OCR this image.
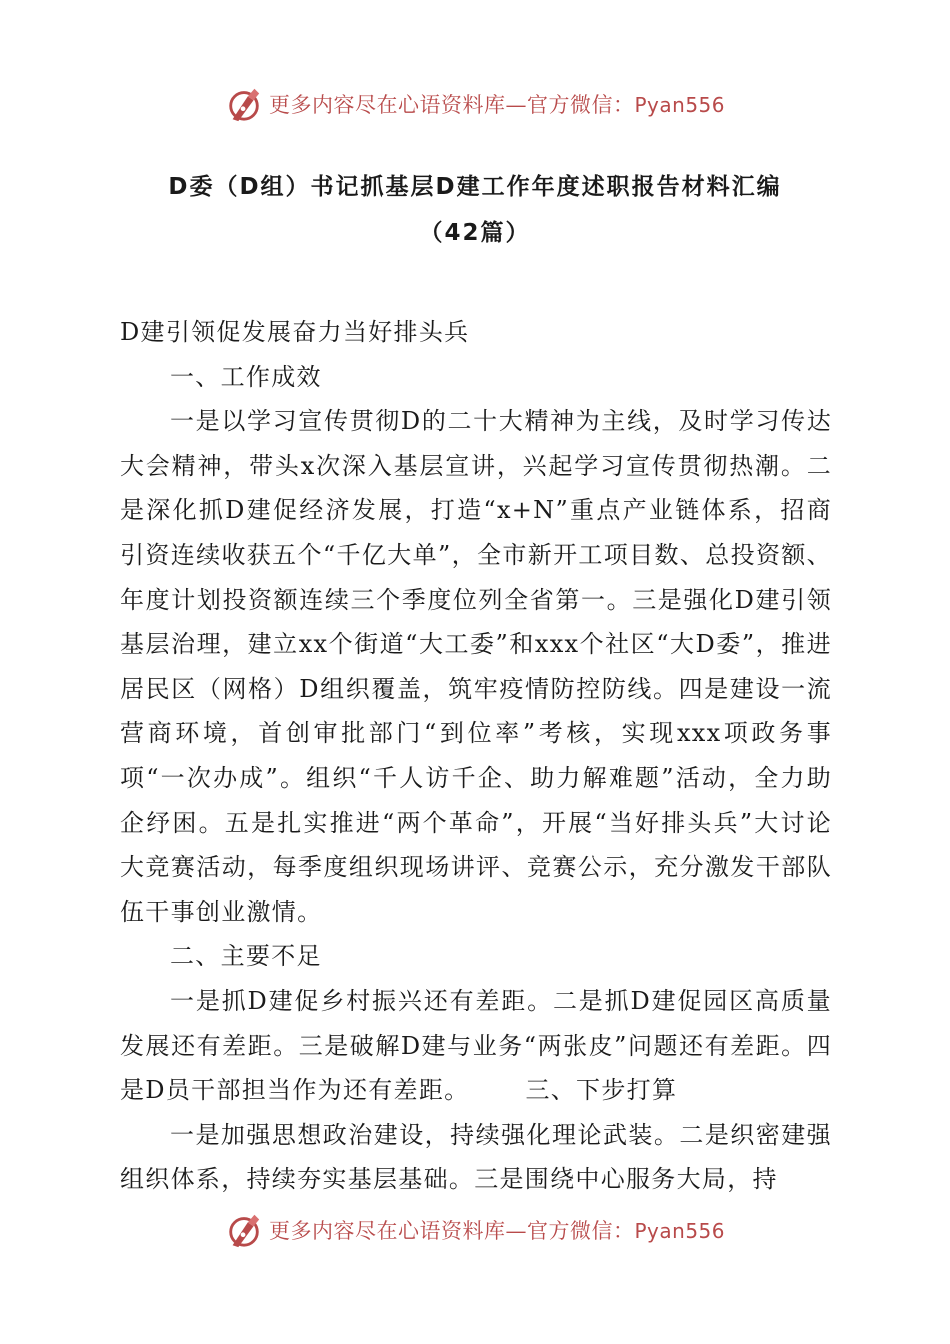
更多内容尽在心语资料库—官方微信：Pyan556
D委（D组）书记抓基层D建工作年度述职报告材料汇编
（42篇）

D建引领促发展奋力当好排头兵

一、工作成效

一是以学习宣传贯彻D的二十大精神为主线，及时学习传达大会精神，带头x次深入基层宣讲，兴起学习宣传贯彻热潮。二是深化抓D建促经济发展，打造“x+N”重点产业链体系，招商引资连续收获五个“千亿大单”，全市新开工项目数、总投资额、年度计划投资额连续三个季度位列全省第一。三是强化D建引领基层治理，建立xx个街道“大工委”和xxx个社区“大D委”，推进居民区（网格）D组织覆盖，筑牢疫情防控防线。四是建设一流营商环境，首创审批部门“到位率”考核，实现xxx项政务事项“一次办成”。组织“千人访千企、助力解难题”活动，全力助企纾困。五是扎实推进“两个革命”，开展“当好排头兵”大讨论大竞赛活动，每季度组织现场讲评、竞赛公示，充分激发干部队伍干事创业激情。

二、主要不足

一是抓D建促乡村振兴还有差距。二是抓D建促园区高质量发展还有差距。三是破解D建与业务“两张皮”问题还有差距。四是D员干部担当作为还有差距。 三、下步打算

一是加强思想政治建设，持续强化理论武装。二是织密建强组织体系，持续夯实基层基础。三是围绕中心服务大局，持

更多内容尽在心语资料库—官方微信：Pyan556
